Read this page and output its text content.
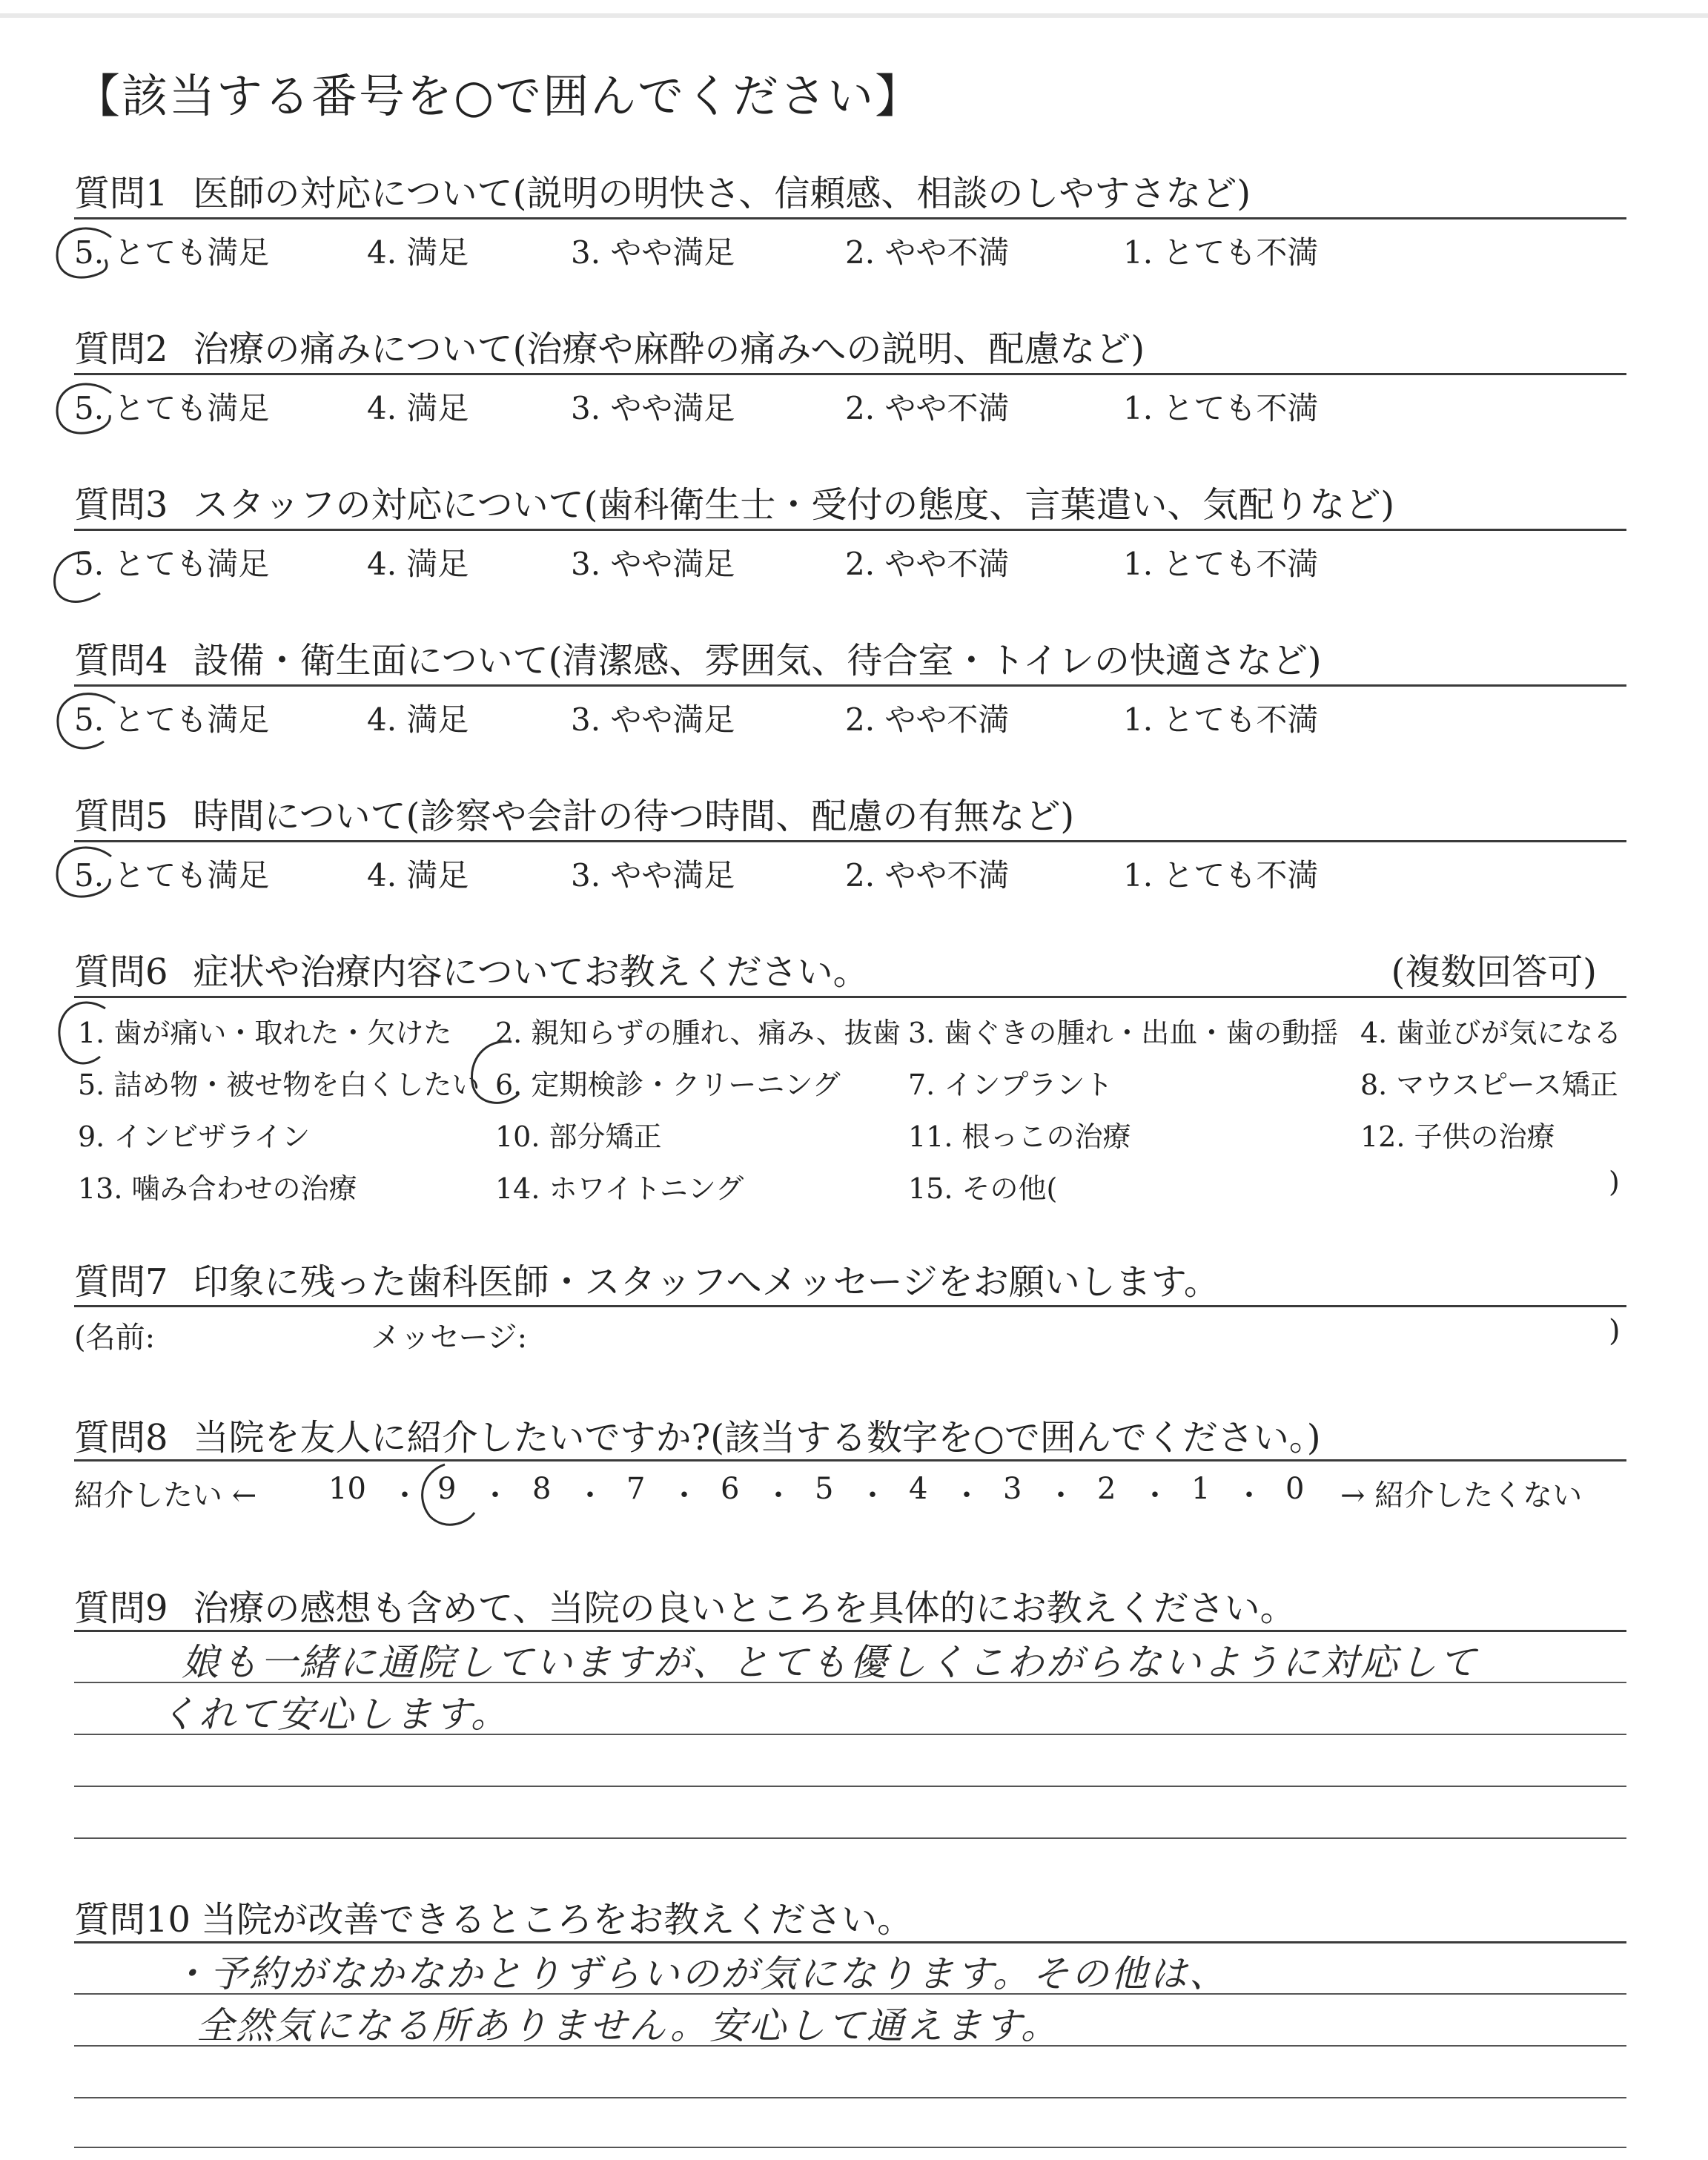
【該当する番号を○で囲んでください】
質問1 医師の対応について(説明の明快さ、信頼感、相談のしやすさなど)
5. とても満足	4. 満足	3. やや満足	2. やや不満	1. とても不満
質問2 治療の痛みについて(治療や麻酔の痛みへの説明、配慮など)
5. とても満足	4. 満足	3. やや満足	2. やや不満	1. とても不満
質問3 スタッフの対応について(歯科衛生士・受付の態度、言葉遣い、気配りなど)
5. とても満足	4. 満足	3. やや満足	2. やや不満	1. とても不満
質問4 設備・衛生面について(清潔感、雰囲気、待合室・トイレの快適さなど)
5. とても満足	4. 満足	3. やや満足	2. やや不満	1. とても不満
質問5 時間について(診察や会計の待つ時間、配慮の有無など)
5. とても満足	4. 満足	3. やや満足	2. やや不満	1. とても不満
質問6 症状や治療内容についてお教えください。	(複数回答可)
1. 歯が痛い・取れた・欠けた 2. 親知らずの腫れ、痛み、抜歯 3. 歯ぐきの腫れ・出血・歯の動揺 4. 歯並びが気になる
5. 詰め物・被せ物を白くしたい 6. 定期検診・クリーニング 7. インプラント	8. マウスピース矯正
9. インビザライン	10. 部分矯正	11. 根っこの治療	12. 子供の治療
13. 噛み合わせの治療	14. ホワイトニング	15. その他(	)
質問7 印象に残った歯科医師・スタッフへメッセージをお願いします。
(名前:	メッセージ:	)
質問8 当院を友人に紹介したいですか?(該当する数字を○で囲んでください。)
紹介したい ←	→ 紹介したくない
10 ・ 9 ・ 8 ・ 7 ・ 6 ・ 5 ・ 4 ・ 3 ・ 2 ・ 1 ・ 0
質問9 治療の感想も含めて、当院の良いところを具体的にお教えください。
娘も一緒に通院していますが、とても優しくこわがらないように対応して
くれて安心します。
質問10 当院が改善できるところをお教えください。
・予約がなかなかとりずらいのが気になります。その他は、
全然気になる所ありません。安心して通えます。
